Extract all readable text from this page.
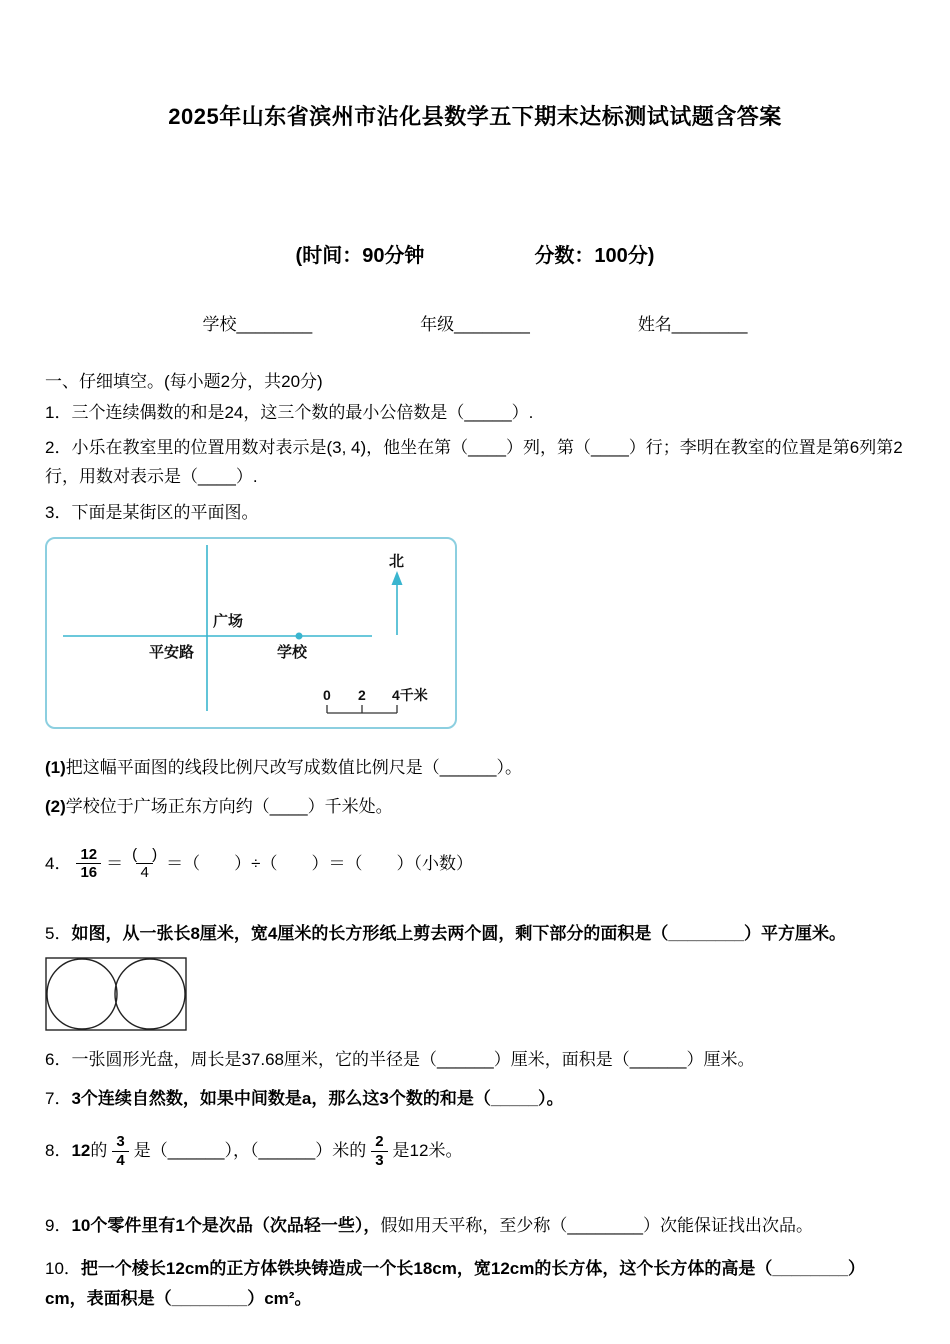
2025年山东省滨州市沾化县数学五下期末达标测试试题含答案
(时间：90分钟	分数：100分)
学校________	年级________	姓名________
一、仔细填空。(每小题2分，共20分)
1．三个连续偶数的和是24，这三个数的最小公倍数是（_____）.
2．小乐在教室里的位置用数对表示是(3, 4)，他坐在第（____）列，第（____）行；李明在教室的位置是第6列第2行，用数对表示是（____）.
3．下面是某街区的平面图。
北
广场
平安路	学校
0 2 4千米
(1)把这幅平面图的线段比例尺改写成数值比例尺是（______）。
(2)学校位于广场正东方向约（____）千米处。
4． $\frac{12}{16} = \frac{( )}{4}$ ＝（　　）÷（　　）＝（　　）（小数）
5．如图，从一张长8厘米，宽4厘米的长方形纸上剪去两个圆，剩下部分的面积是（________）平方厘米。
6．一张圆形光盘，周长是37.68厘米，它的半径是（______）厘米，面积是（______）厘米。
7．3个连续自然数，如果中间数是a，那么这3个数的和是（_____）。
8． 12 的 $\frac{3}{4}$ 是（______），（______）米的 $\frac{2}{3}$ 是12米。
9．10个零件里有1个是次品（次品轻一些），假如用天平称，至少称（________）次能保证找出次品。
10．把一个棱长12cm的正方体铁块铸造成一个长18cm，宽12cm的长方体，这个长方体的高是（________）cm，表面积是（________）cm²。
